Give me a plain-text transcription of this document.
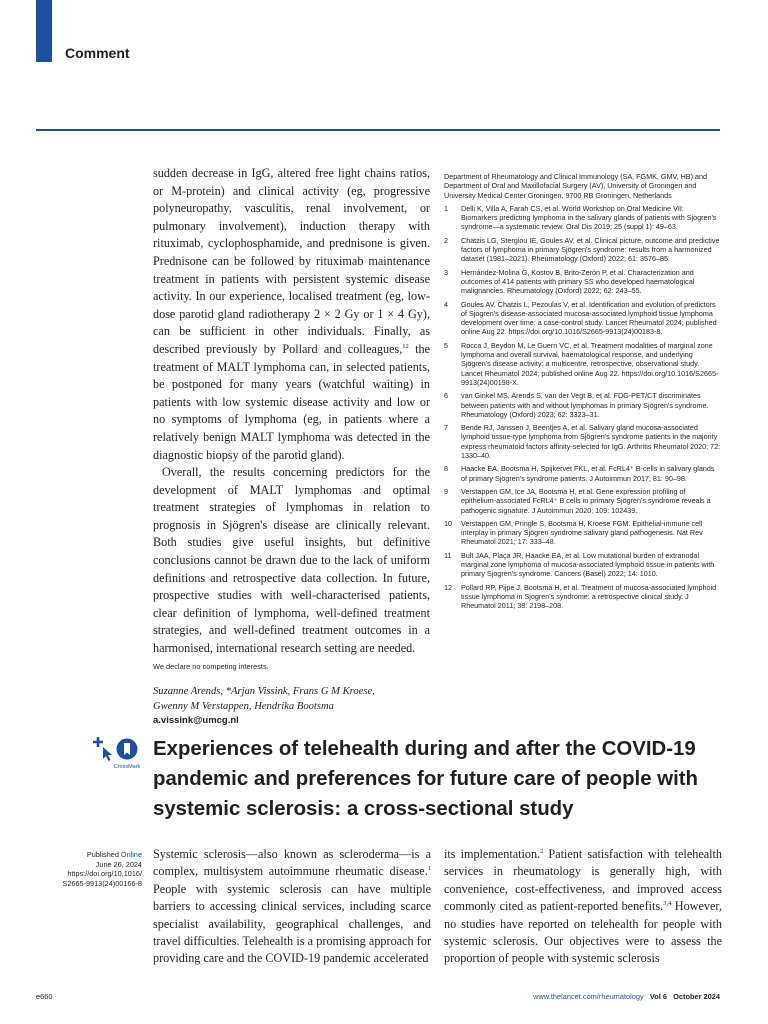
Comment

sudden decrease in IgG, altered free light chains ratios, or M-protein) and clinical activity (eg, progressive polyneuropathy, vasculitis, renal involvement, or pulmonary involvement), induction therapy with rituximab, cyclophosphamide, and prednisone is given. Prednisone can be followed by rituximab maintenance treatment in patients with persistent systemic disease activity. In our experience, localised treatment (eg, low-dose parotid gland radiotherapy 2 × 2 Gy or 1 × 4 Gy), can be sufficient in other individuals. Finally, as described previously by Pollard and colleagues,$^{12}$ the treatment of MALT lymphoma can, in selected patients, be postponed for many years (watchful waiting) in patients with low systemic disease activity and low or no symptoms of lymphoma (eg, in patients where a relatively benign MALT lymphoma was detected in the diagnostic biopsy of the parotid gland).

Overall, the results concerning predictors for the development of MALT lymphomas and optimal treatment strategies of lymphomas in relation to prognosis in Sjögren's disease are clinically relevant. Both studies give useful insights, but definitive conclusions cannot be drawn due to the lack of uniform definitions and retrospective data collection. In future, prospective studies with well-characterised patients, clear definition of lymphoma, well-defined treatment strategies, and well-defined treatment outcomes in a harmonised, international research setting are needed.

We declare no competing interests.

Suzanne Arends, *Arjan Vissink, Frans G M Kroese,
Gwenny M Verstappen, Hendrika Bootsma

a.vissink@umcg.nl

Department of Rheumatology and Clinical Immunology (SA, FGMK, GMV, HB) and Department of Oral and Maxillofacial Surgery (AV), University of Groningen and University Medical Center Groningen, 9700 RB Groningen, Netherlands

1	Delli K, Villa A, Farah CS, et al. World Workshop on Oral Medicine VII: Biomarkers predicting lymphoma in the salivary glands of patients with Sjogren's syndrome—a systematic review. Oral Dis 2019; 25 (suppl 1): 49–63.
2	Chatzis LG, Stergiou IE, Goules AV, et al. Clinical picture, outcome and predictive factors of lymphoma in primary Sjögren's syndrome: results from a harmonized dataset (1981–2021). Rheumatology (Oxford) 2022; 61: 3576–85.
3	Hernández-Molina G, Kostov B, Brito-Zerón P, et al. Characterization and outcomes of 414 patients with primary SS who developed haematological malignancies. Rheumatology (Oxford) 2022; 62: 243–55.
4	Goules AV, Chatzis L, Pezoulas V, et al. Identification and evolution of predictors of Sjogren's disease-associated mucosa-associated lymphoid tissue lymphoma development over time: a case-control study. Lancet Rheumatol 2024; published online Aug 22. https://doi.org/10.1016/S2665-9913(24)00183-8.
5	Rocca J, Beydon M, Le Guern VC, et al. Treatment modalities of marginal zone lymphoma and overall survival, haematological response, and underlying Sjögren's disease activity: a multicentre, retrospective, observational study. Lancet Rheumatol 2024; published online Aug 22. https://doi.org/10.1016/S2665-9913(24)00198-X.
6	van Ginkel MS, Arends S, van der Vegt B, et al. FDG-PET/CT discriminates between patients with and without lymphomas in primary Sjögren's syndrome. Rheumatology (Oxford) 2023; 62: 3323–31.
7	Bende RJ, Janssen J, Beentjes A, et al. Salivary gland mucosa-associated lymphoid tissue-type lymphoma from Sjögren's syndrome patients in the majority express rheumatoid factors affinity-selected for IgG. Arthritis Rheumatol 2020; 72: 1330–40.
8	Haacke EA, Bootsma H, Spijkervet FKL, et al. FcRL4⁺ B-cells in salivary glands of primary Sjögren's syndrome patients. J Autoimmun 2017; 81: 90–98.
9	Verstappen GM, Ice JA, Bootsma H, et al. Gene expression profiling of epithelium-associated FcRL4⁺ B cells in primary Sjögren's syndrome reveals a pathogenic signature. J Autoimmun 2020; 109: 102439.
10	Verstappen GM, Pringle S, Bootsma H, Kroese FGM. Epithelial-immune cell interplay in primary Sjögren syndrome salivary gland pathogenesis. Nat Rev Rheumatol 2021; 17: 333–48.
11	Bult JAA, Plaça JR, Haacke EA, et al. Low mutational burden of extranodal marginal zone lymphoma of mucosa-associated lymphoid tissue in patients with primary Sjogren's syndrome. Cancers (Basel) 2022; 14: 1010.
12	Pollard RP, Pijpe J, Bootsma H, et al. Treatment of mucosa-associated lymphoid tissue lymphoma in Sjogren's syndrome: a retrospective clinical study. J Rheumatol 2011; 38: 2198–208.
CrossMark
Experiences of telehealth during and after the COVID-19 pandemic and preferences for future care of people with systemic sclerosis: a cross-sectional study
Published Online
June 26, 2024
https://doi.org/10.1016/
S2665-9913(24)00166-8

Systemic sclerosis—also known as scleroderma—is a complex, multisystem autoimmune rheumatic disease.$^1$ People with systemic sclerosis can have multiple barriers to accessing clinical services, including scarce specialist availability, geographical challenges, and travel difficulties. Telehealth is a promising approach for providing care and the COVID-19 pandemic accelerated

its implementation.$^2$ Patient satisfaction with telehealth services in rheumatology is generally high, with convenience, cost-effectiveness, and improved access commonly cited as patient-reported benefits.$^{3,4}$ However, no studies have reported on telehealth for people with systemic sclerosis. Our objectives were to assess the proportion of people with systemic sclerosis

e660	www.thelancet.com/rheumatology Vol 6 October 2024
